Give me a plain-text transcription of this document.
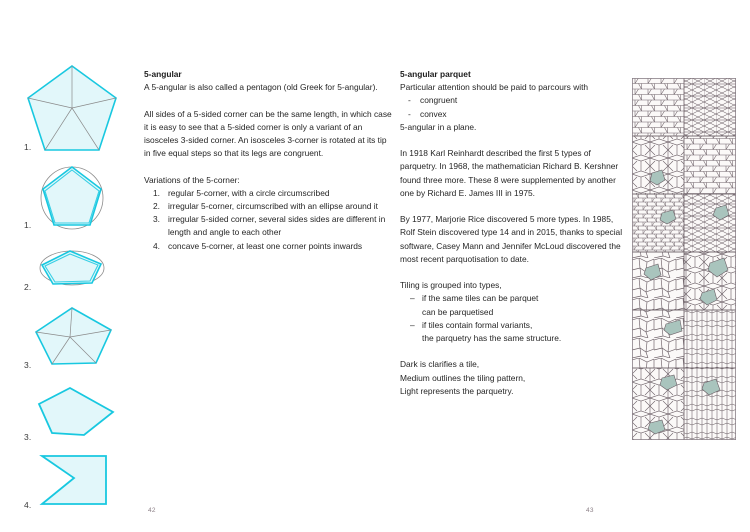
1.
1.
2.
3.
3.
4.
5-angular

A 5-angular is also called a pentagon (old Greek for 5-angular).

All sides of a 5-sided corner can be the same length, in which case it is easy to see that a 5-sided corner is only a variant of an isosceles 3-sided corner. An isosceles 3-corner is rotated at its tip in five equal steps so that its legs are congruent.

Variations of the 5-corner:

1. regular 5-corner, with a circle circumscribed
2. irregular 5-corner, circumscribed with an ellipse around it
3. irregular 5-sided corner, several sides sides are different in length and angle to each other
4. concave 5-corner, at least one corner points inwards
5-angular parquet

Particular attention should be paid to parcours with

- congruent
- convex

5-angular in a plane.

In 1918 Karl Reinhardt described the first 5 types of parquetry. In 1968, the mathematician Richard B. Kershner found three more. These 8 were supplemented by another one by Richard E. James III in 1975.

By 1977, Marjorie Rice discovered 5 more types. In 1985, Rolf Stein discovered type 14 and in 2015, thanks to special software, Casey Mann and Jennifer McLoud discovered the most recent parquotisation to date.

Tiling is grouped into types,

– if the same tiles can be parquet
can be parquetised
– if tiles contain formal variants,
the parquetry has the same structure.

Dark is clarifies a tile,

Medium outlines the tiling pattern,

Light represents the parquetry.

42	43
